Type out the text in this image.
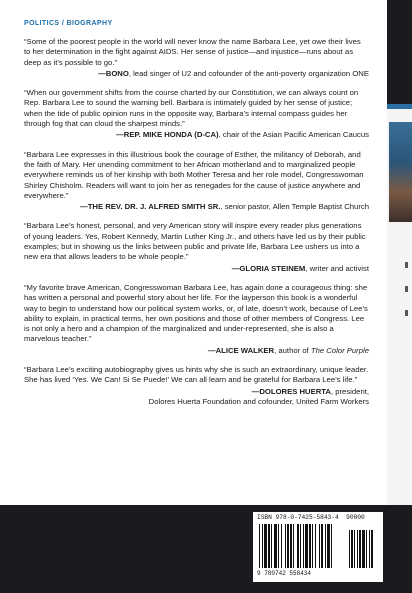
POLITICS / BIOGRAPHY

“Some of the poorest people in the world will never know the name Barbara Lee, yet owe their lives to her determination in the fight against AIDS. Her sense of justice—and injustice—runs about as deep as it’s possible to go.”

—BONO, lead singer of U2 and cofounder of the anti-poverty organization ONE

“When our government shifts from the course charted by our Constitution, we can always count on Rep. Barbara Lee to sound the warning bell. Barbara is intimately guided by her sense of justice; when the tide of public opinion runs in the opposite way, Barbara’s internal compass guides her through fog that can cloud the sharpest minds.”

—REP. MIKE HONDA (D-CA), chair of the Asian Pacific American Caucus

“Barbara Lee expresses in this illustrious book the courage of Esther, the militancy of Deborah, and the faith of Mary. Her unending commitment to her African motherland and to marginalized people everywhere reminds us of her kinship with both Mother Teresa and her role model, Congresswoman Shirley Chisholm. Readers will want to join her as renegades for the cause of justice anywhere and everywhere.”

—THE REV. DR. J. ALFRED SMITH SR., senior pastor, Allen Temple Baptist Church

“Barbara Lee’s honest, personal, and very American story will inspire every reader plus generations of young leaders. Yes, Robert Kennedy, Martin Luther King Jr., and others have led us by their public examples; but in showing us the links between public and private life, Barbara Lee ushers us into a new era that allows leaders to be whole people.”

—GLORIA STEINEM, writer and activist

“My favorite brave American, Congresswoman Barbara Lee, has again done a courageous thing: she has written a personal and powerful story about her life. For the layperson this book is a wonderful way to begin to understand how our political system works, or, of late, doesn’t work, because of Lee’s ability to explain, in practical terms, her own positions and those of other members of Congress. Lee is not only a hero and a champion of the marginalized and under-represented, she is also a marvelous teacher.”

—ALICE WALKER, author of The Color Purple

“Barbara Lee’s exciting autobiography gives us hints why she is such an extraordinary, unique leader. She has lived ‘Yes. We Can! Si Se Puede!’ We can all learn and be grateful for Barbara Lee’s life.”

—DOLORES HUERTA, president,
Dolores Huerta Foundation and cofounder, United Farm Workers
ISBN 978-0-7425-5843-4 90000
9 780742 558434
